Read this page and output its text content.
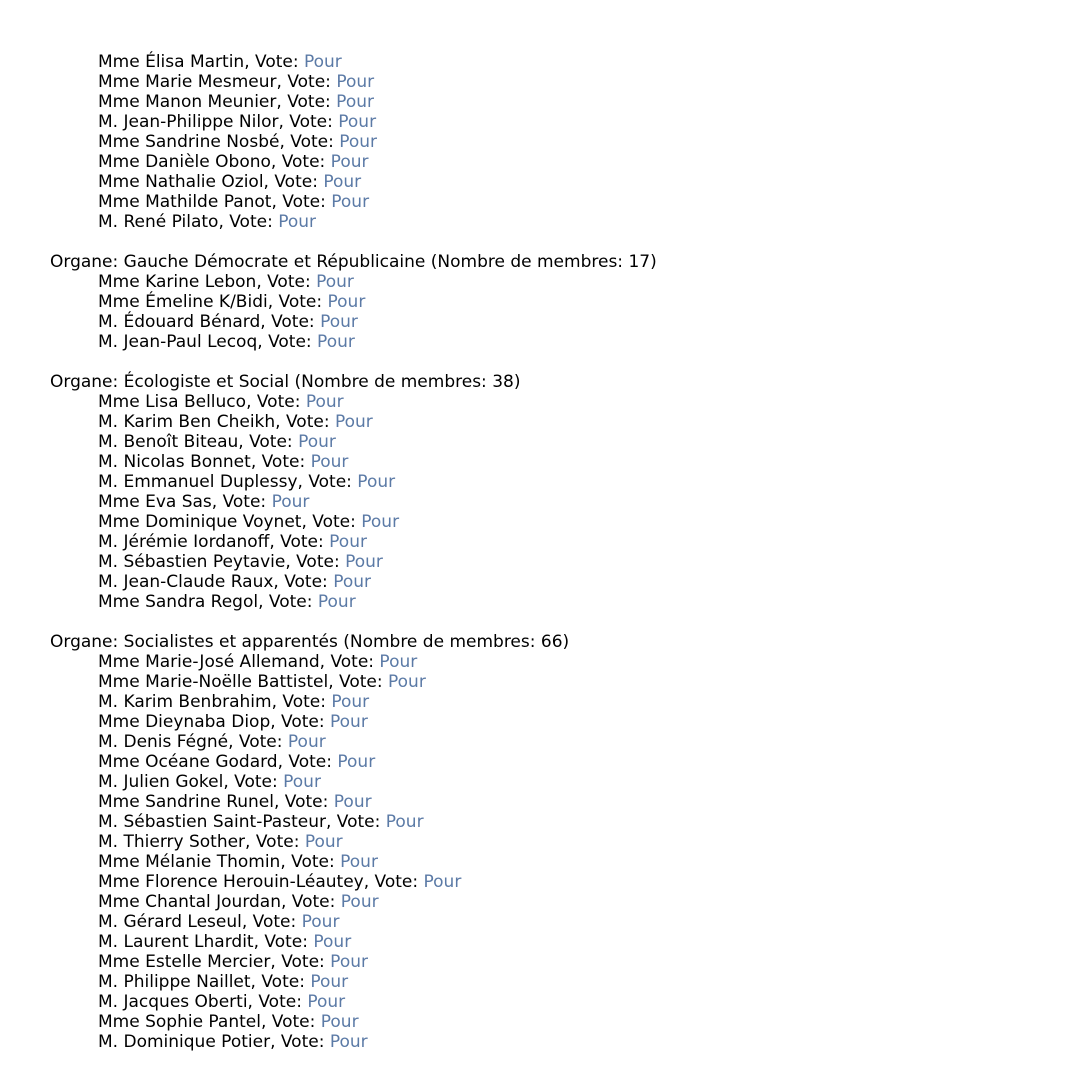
Mme Élisa Martin, Vote: Pour
Mme Marie Mesmeur, Vote: Pour
Mme Manon Meunier, Vote: Pour
M. Jean-Philippe Nilor, Vote: Pour
Mme Sandrine Nosbé, Vote: Pour
Mme Danièle Obono, Vote: Pour
Mme Nathalie Oziol, Vote: Pour
Mme Mathilde Panot, Vote: Pour
M. René Pilato, Vote: Pour
Organe: Gauche Démocrate et Républicaine (Nombre de membres: 17)
Mme Karine Lebon, Vote: Pour
Mme Émeline K/Bidi, Vote: Pour
M. Édouard Bénard, Vote: Pour
M. Jean-Paul Lecoq, Vote: Pour
Organe: Écologiste et Social (Nombre de membres: 38)
Mme Lisa Belluco, Vote: Pour
M. Karim Ben Cheikh, Vote: Pour
M. Benoît Biteau, Vote: Pour
M. Nicolas Bonnet, Vote: Pour
M. Emmanuel Duplessy, Vote: Pour
Mme Eva Sas, Vote: Pour
Mme Dominique Voynet, Vote: Pour
M. Jérémie Iordanoff, Vote: Pour
M. Sébastien Peytavie, Vote: Pour
M. Jean-Claude Raux, Vote: Pour
Mme Sandra Regol, Vote: Pour
Organe: Socialistes et apparentés (Nombre de membres: 66)
Mme Marie-José Allemand, Vote: Pour
Mme Marie-Noëlle Battistel, Vote: Pour
M. Karim Benbrahim, Vote: Pour
Mme Dieynaba Diop, Vote: Pour
M. Denis Fégné, Vote: Pour
Mme Océane Godard, Vote: Pour
M. Julien Gokel, Vote: Pour
Mme Sandrine Runel, Vote: Pour
M. Sébastien Saint-Pasteur, Vote: Pour
M. Thierry Sother, Vote: Pour
Mme Mélanie Thomin, Vote: Pour
Mme Florence Herouin-Léautey, Vote: Pour
Mme Chantal Jourdan, Vote: Pour
M. Gérard Leseul, Vote: Pour
M. Laurent Lhardit, Vote: Pour
Mme Estelle Mercier, Vote: Pour
M. Philippe Naillet, Vote: Pour
M. Jacques Oberti, Vote: Pour
Mme Sophie Pantel, Vote: Pour
M. Dominique Potier, Vote: Pour
